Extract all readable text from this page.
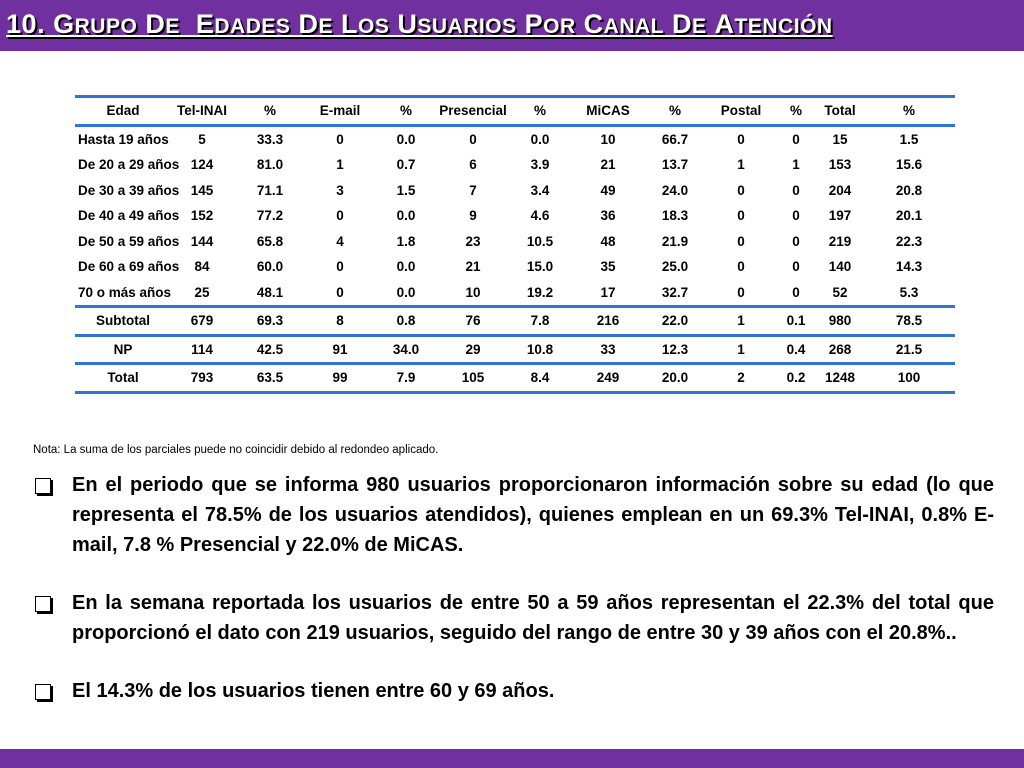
10. GRUPO DE EDADES DE LOS USUARIOS POR CANAL DE ATENCIÓN
Edad	Tel-INAI	%	E-mail	%	Presencial	%	MiCAS	%	Postal	%	Total	%
Hasta 19 años	5	33.3	0	0.0	0	0.0	10	66.7	0	0	15	1.5
De 20 a 29 años	124	81.0	1	0.7	6	3.9	21	13.7	1	1	153	15.6
De 30 a 39 años	145	71.1	3	1.5	7	3.4	49	24.0	0	0	204	20.8
De 40 a 49 años	152	77.2	0	0.0	9	4.6	36	18.3	0	0	197	20.1
De 50 a 59 años	144	65.8	4	1.8	23	10.5	48	21.9	0	0	219	22.3
De 60 a 69 años	84	60.0	0	0.0	21	15.0	35	25.0	0	0	140	14.3
70 o más años	25	48.1	0	0.0	10	19.2	17	32.7	0	0	52	5.3
Subtotal	679	69.3	8	0.8	76	7.8	216	22.0	1	0.1	980	78.5
NP	114	42.5	91	34.0	29	10.8	33	12.3	1	0.4	268	21.5
Total	793	63.5	99	7.9	105	8.4	249	20.0	2	0.2	1248	100
Nota: La suma de los parciales puede no coincidir debido al redondeo aplicado.
En el periodo que se informa 980 usuarios proporcionaron información sobre su edad (lo que representa el 78.5% de los usuarios atendidos), quienes emplean en un 69.3% Tel-INAI, 0.8% E-mail, 7.8 % Presencial y 22.0% de MiCAS.
En la semana reportada los usuarios de entre 50 a 59 años representan el 22.3% del total que proporcionó el dato con 219 usuarios, seguido del rango de entre 30 y 39 años con el 20.8%..
El 14.3% de los usuarios tienen entre 60 y 69 años.
